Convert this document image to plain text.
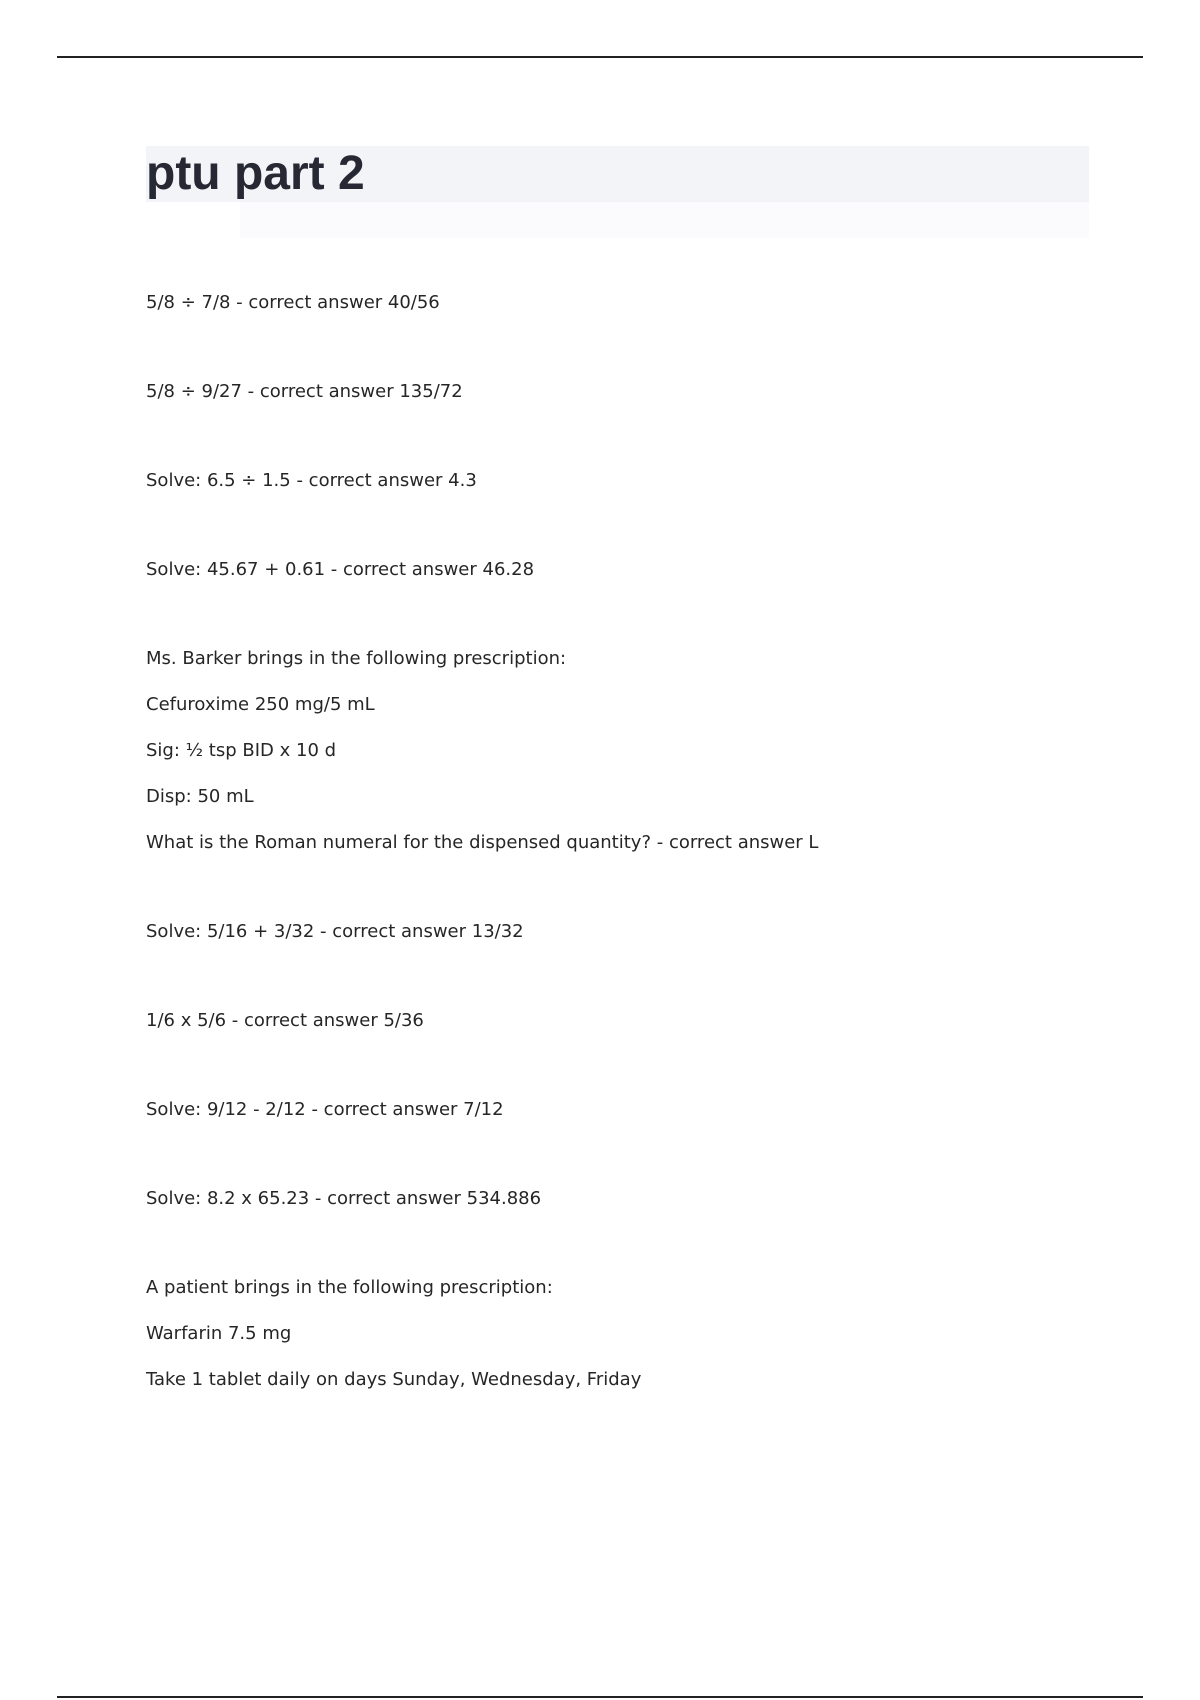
ptu part 2

5/8 ÷ 7/8 - correct answer 40/56

5/8 ÷ 9/27 - correct answer 135/72

Solve: 6.5 ÷ 1.5 - correct answer 4.3

Solve: 45.67 + 0.61 - correct answer 46.28

Ms. Barker brings in the following prescription:

Cefuroxime 250 mg/5 mL

Sig: ½ tsp BID x 10 d

Disp: 50 mL

What is the Roman numeral for the dispensed quantity? - correct answer L

Solve: 5/16 + 3/32 - correct answer 13/32

1/6 x 5/6 - correct answer 5/36

Solve: 9/12 - 2/12 - correct answer 7/12

Solve: 8.2 x 65.23 - correct answer 534.886

A patient brings in the following prescription:

Warfarin 7.5 mg

Take 1 tablet daily on days Sunday, Wednesday, Friday
